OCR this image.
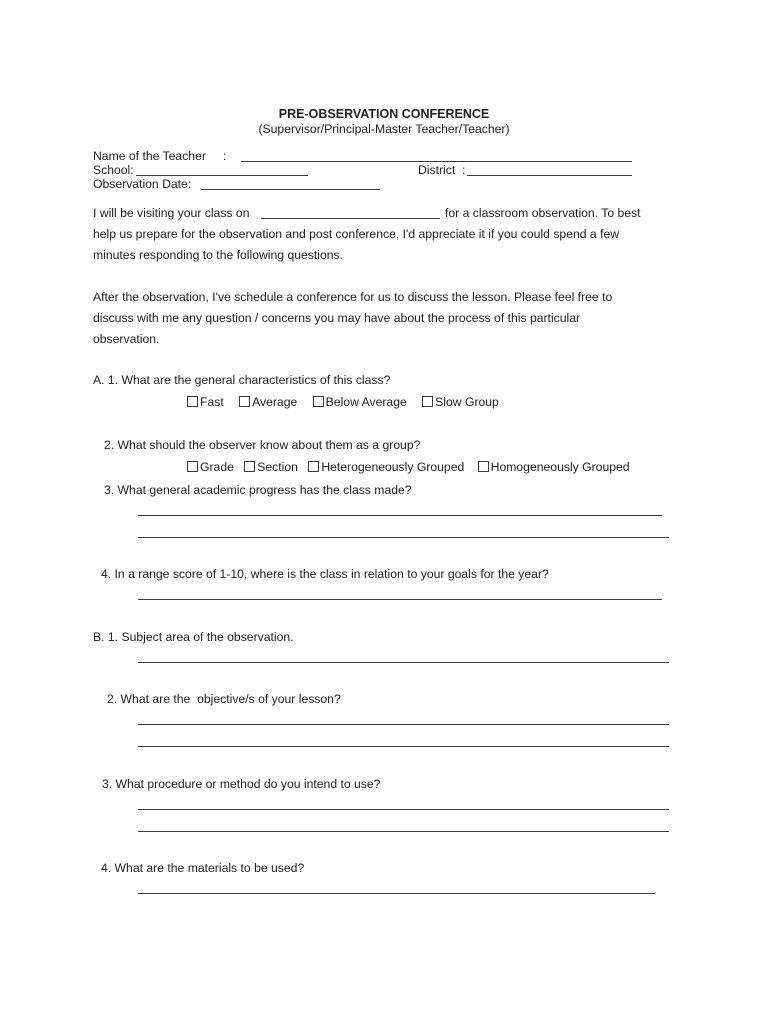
PRE-OBSERVATION CONFERENCE
(Supervisor/Principal-Master Teacher/Teacher)
Name of the Teacher     :
School:	District  :
Observation Date:
I will be visiting your class on	for a classroom observation. To best
help us prepare for the observation and post conference, I'd appreciate it if you could spend a few
minutes responding to the following questions.
After the observation, I've schedule a conference for us to discuss the lesson. Please feel free to
discuss with me any question / concerns you may have about the process of this particular
observation.
A. 1. What are the general characteristics of this class?
Fast Average Below Average Slow Group
2. What should the observer know about them as a group?
Grade Section Heterogeneously Grouped Homogeneously Grouped
3. What general academic progress has the class made?
4. In a range score of 1-10, where is the class in relation to your goals for the year?
B. 1. Subject area of the observation.
2. What are the  objective/s of your lesson?
3. What procedure or method do you intend to use?
4. What are the materials to be used?
